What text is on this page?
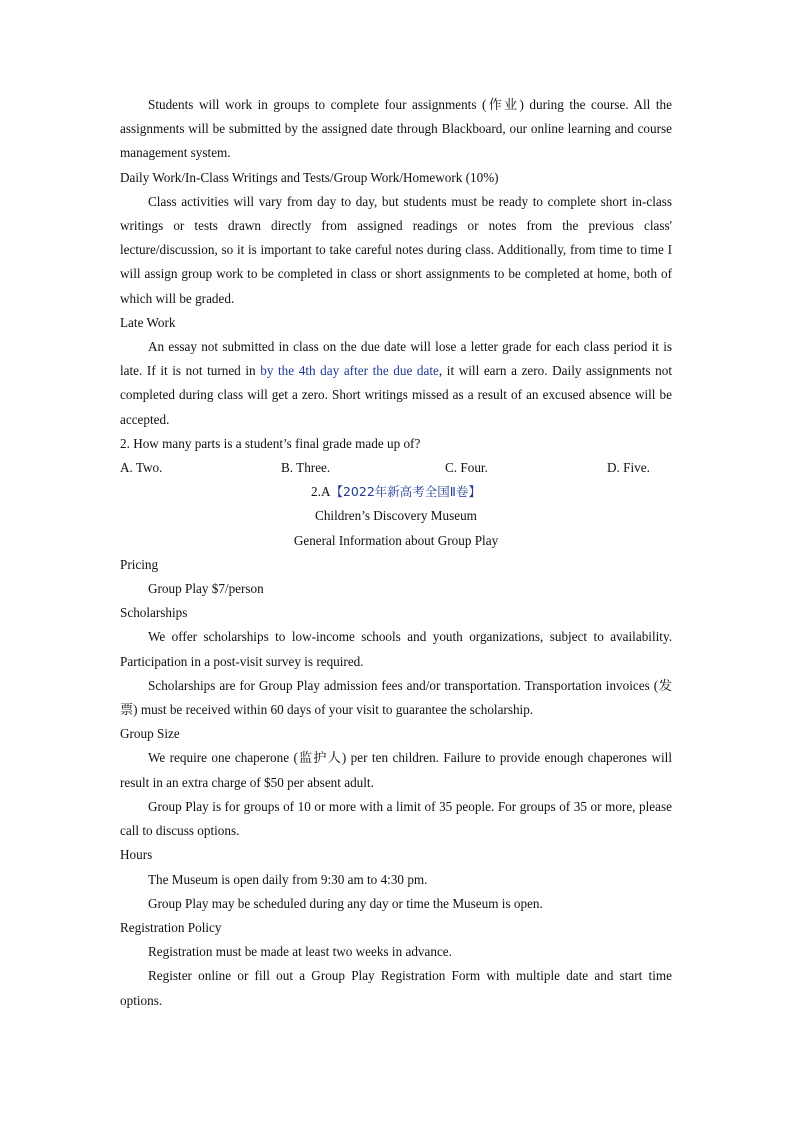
Students will work in groups to complete four assignments (作业) during the course. All the assignments will be submitted by the assigned date through Blackboard, our online learning and course management system.

Daily Work/In-Class Writings and Tests/Group Work/Homework (10%)

Class activities will vary from day to day, but students must be ready to complete short in-class writings or tests drawn directly from assigned readings or notes from the previous class' lecture/discussion, so it is important to take careful notes during class. Additionally, from time to time I will assign group work to be completed in class or short assignments to be completed at home, both of which will be graded.

Late Work

An essay not submitted in class on the due date will lose a letter grade for each class period it is late. If it is not turned in by the 4th day after the due date, it will earn a zero. Daily assignments not completed during class will get a zero. Short writings missed as a result of an excused absence will be accepted.

2. How many parts is a student’s final grade made up of?

A. Two.	B. Three.	C. Four.	D. Five.

2.A【2022年新高考全国Ⅱ卷】

Children’s Discovery Museum

General Information about Group Play

Pricing

Group Play $7/person

Scholarships

We offer scholarships to low-income schools and youth organizations, subject to availability. Participation in a post-visit survey is required.

Scholarships are for Group Play admission fees and/or transportation. Transportation invoices (发票) must be received within 60 days of your visit to guarantee the scholarship.

Group Size

We require one chaperone (监护人) per ten children. Failure to provide enough chaperones will result in an extra charge of $50 per absent adult.

Group Play is for groups of 10 or more with a limit of 35 people. For groups of 35 or more, please call to discuss options.

Hours

The Museum is open daily from 9:30 am to 4:30 pm.

Group Play may be scheduled during any day or time the Museum is open.

Registration Policy

Registration must be made at least two weeks in advance.

Register online or fill out a Group Play Registration Form with multiple date and start time options.
